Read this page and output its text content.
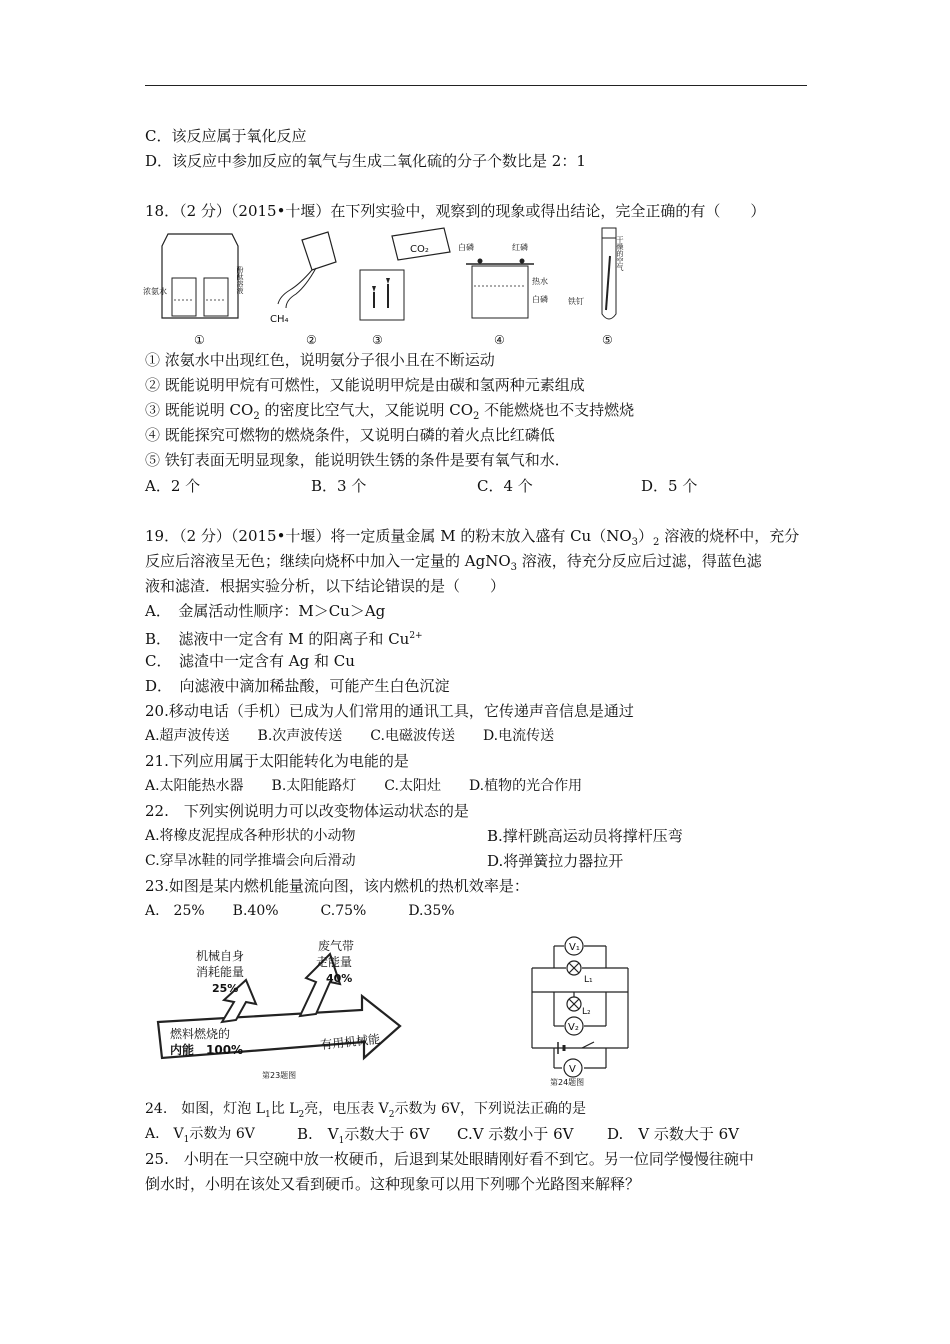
C．该反应属于氧化反应
D．该反应中参加反应的氧气与生成二氧化硫的分子个数比是 2：1
18．（2 分）（2015•十堰）在下列实验中，观察到的现象或得出结论，完全正确的有（　　）
浓氨水	酚酞溶液
①
CH₄
②
CO₂
③
白磷	红磷
热水
白磷
④
干燥的空气
铁钉
⑤
① 浓氨水中出现红色，说明氨分子很小且在不断运动
② 既能说明甲烷有可燃性，又能说明甲烷是由碳和氢两种元素组成
③ 既能说明 $CO_2$ 的密度比空气大，又能说明 $CO_2$ 不能燃烧也不支持燃烧
④ 既能探究可燃物的燃烧条件，又说明白磷的着火点比红磷低
⑤ 铁钉表面无明显现象，能说明铁生锈的条件是要有氧气和水．
A．2 个	B．3 个	C．4 个	D．5 个
19．（2 分）（2015•十堰）将一定质量金属 M 的粉末放入盛有 $Cu(NO_3)_2$ 溶液的烧杯中，充分
反应后溶液呈无色；继续向烧杯中加入一定量的 AgNO$_3$ 溶液，待充分反应后过滤，得蓝色滤
液和滤渣．根据实验分析，以下结论错误的是（　　）
A．　金属活动性顺序：M＞Cu＞Ag
B．　滤液中一定含有 M 的阳离子和 $Cu^{2+}$
C．　滤渣中一定含有 Ag 和 Cu
D．　向滤液中滴加稀盐酸，可能产生白色沉淀
20.移动电话（手机）已成为人们常用的通讯工具，它传递声音信息是通过
A.超声波传送　　B.次声波传送　　C.电磁波传送　　D.电流传送
21.下列应用属于太阳能转化为电能的是
A.太阳能热水器　　B.太阳能路灯　　C.太阳灶　　D.植物的光合作用
22.　下列实例说明力可以改变物体运动状态的是
A.将橡皮泥捏成各种形状的小动物	B.撑杆跳高运动员将撑杆压弯
C.穿旱冰鞋的同学推墙会向后滑动	D.将弹簧拉力器拉开
23.如图是某内燃机能量流向图，该内燃机的热机效率是：
A.　25%　　B.40%　　　C.75%　　　D.35%
机械自身
消耗能量
25%
废气带
走能量
40%
燃料燃烧的
内能　100%	有用机械能
第23题图
V₁
L₁
L₂
V₂
V
第24题图
24.　如图，灯泡 $L_1$比 $L_2$亮，电压表 $V_2$示数为 6V，下列说法正确的是
A.　$V_1$示数为 6V	B.　$V_1$示数大于 6V C.V 示数小于 6V D.　V 示数大于 6V
25.　小明在一只空碗中放一枚硬币，后退到某处眼睛刚好看不到它。另一位同学慢慢往碗中
倒水时，小明在该处又看到硬币。这种现象可以用下列哪个光路图来解释？
